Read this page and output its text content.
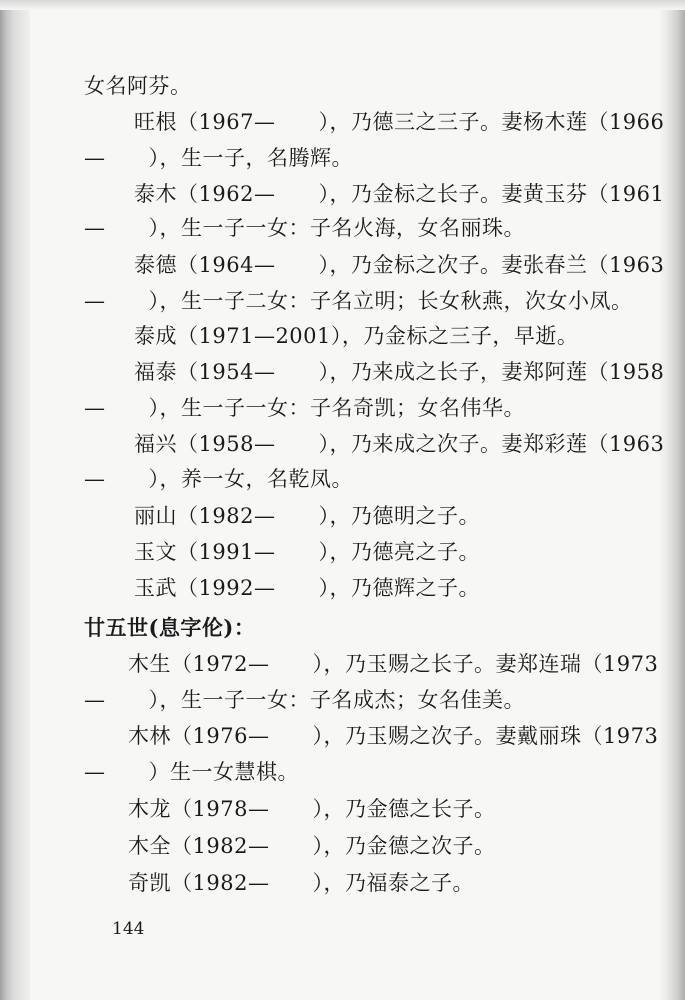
女名阿芬。
旺根（1967—　　），乃德三之三子。妻杨木莲（1966
—　　），生一子，名腾辉。
泰木（1962—　　），乃金标之长子。妻黄玉芬（1961
—　　），生一子一女：子名火海，女名丽珠。
泰德（1964—　　），乃金标之次子。妻张春兰（1963
—　　），生一子二女：子名立明；长女秋燕，次女小凤。
泰成（1971—2001），乃金标之三子，早逝。
福泰（1954—　　），乃来成之长子，妻郑阿莲（1958
—　　），生一子一女：子名奇凯；女名伟华。
福兴（1958—　　），乃来成之次子。妻郑彩莲（1963
—　　），养一女，名乾凤。
丽山（1982—　　），乃德明之子。
玉文（1991—　　），乃德亮之子。
玉武（1992—　　），乃德辉之子。
廿五世(息字伦)：
木生（1972—　　），乃玉赐之长子。妻郑连瑞（1973
—　　），生一子一女：子名成杰；女名佳美。
木林（1976—　　），乃玉赐之次子。妻戴丽珠（1973
—　　）生一女慧棋。
木龙（1978—　　），乃金德之长子。
木全（1982—　　），乃金德之次子。
奇凯（1982—　　），乃福泰之子。
144
